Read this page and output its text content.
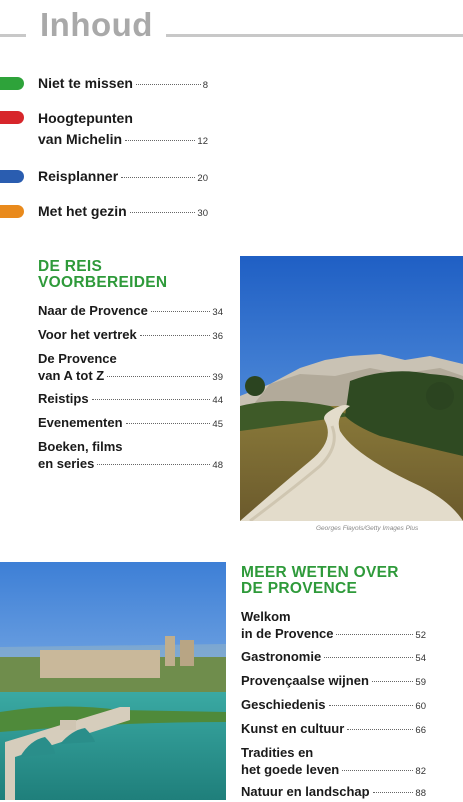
Inhoud
Niet te missen	8
Hoogtepunten
van Michelin	12
Reisplanner	20
Met het gezin	30
DE REIS
VOORBEREIDEN
Naar de Provence	34
Voor het vertrek	36
De Provence
van A tot Z	39
Reistips	44
Evenementen	45
Boeken, films
en series	48
Georges Fłayols/Getty Images Plus
MEER WETEN OVER
DE PROVENCE
Welkom
in de Provence	52
Gastronomie	54
Provençaalse wijnen	59
Geschiedenis	60
Kunst en cultuur	66
Tradities en
het goede leven	82
Natuur en landschap	88
